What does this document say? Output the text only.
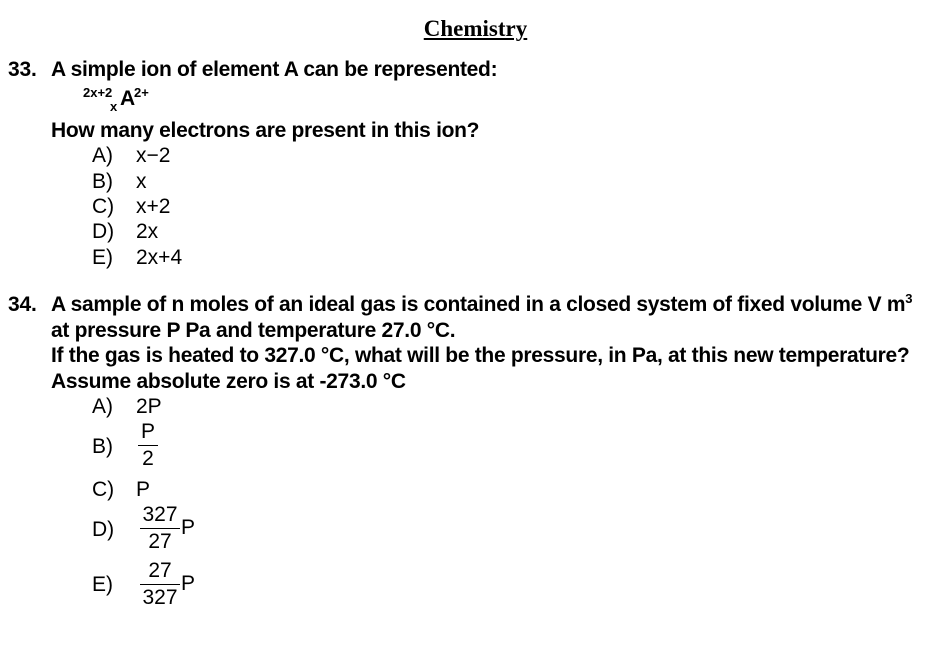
Chemistry
33. A simple ion of element A can be represented:
2x+2
x A
2+
How many electrons are present in this ion?
A) x−2
B) x
C) x+2
D) 2x
E) 2x+4
34. A sample of n moles of an ideal gas is contained in a closed system of fixed volume V $m^3$
at pressure P Pa and temperature 27.0 °C.
If the gas is heated to 327.0 °C, what will be the pressure, in Pa, at this new temperature?
Assume absolute zero is at -273.0 °C
A) 2P
B)
P
2
C) P
D)
327
27
P
E)
27
327
P
